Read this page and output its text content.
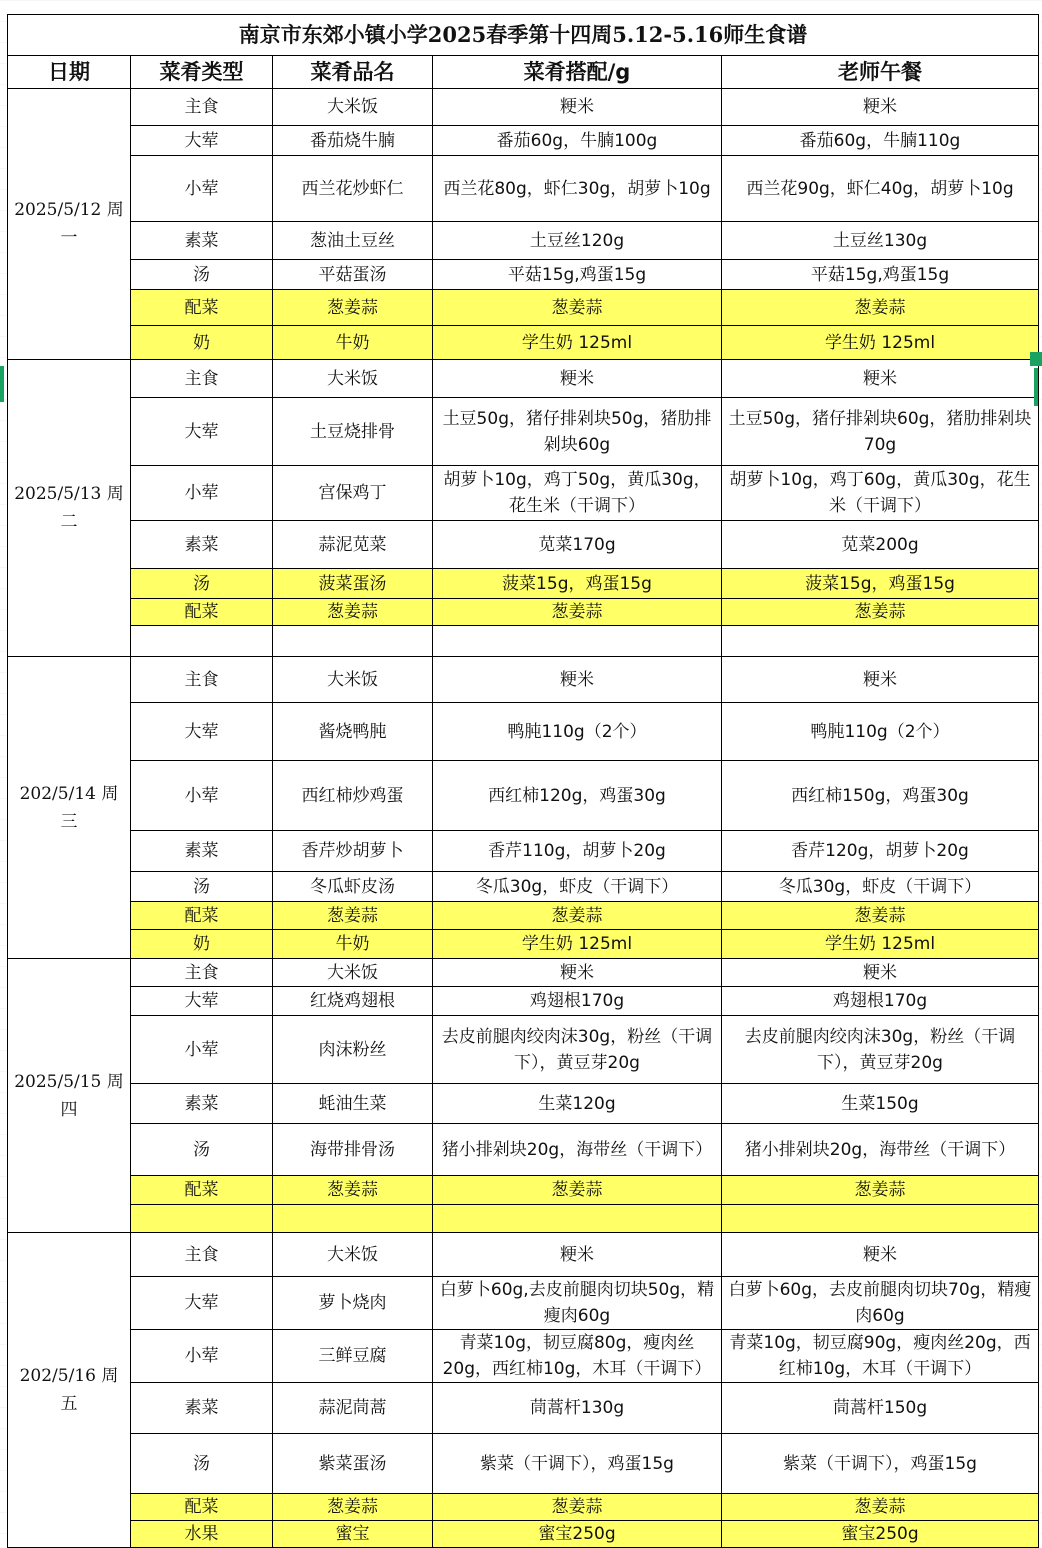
南京市东郊小镇小学2025春季第十四周5.12-5.16师生食谱				
日期	菜肴类型	菜肴品名	菜肴搭配/g	老师午餐
2025/5/12 周一	主食	大米饭	粳米	粳米
	大荤	番茄烧牛腩	番茄60g，牛腩100g	番茄60g，牛腩110g
	小荤	西兰花炒虾仁	西兰花80g，虾仁30g，胡萝卜10g	西兰花90g，虾仁40g，胡萝卜10g
	素菜	葱油土豆丝	土豆丝120g	土豆丝130g
	汤	平菇蛋汤	平菇15g,鸡蛋15g	平菇15g,鸡蛋15g
	配菜	葱姜蒜	葱姜蒜	葱姜蒜
	奶	牛奶	学生奶 125ml	学生奶 125ml
2025/5/13 周二	主食	大米饭	粳米	粳米
	大荤	土豆烧排骨	土豆50g，猪仔排剁块50g，猪肋排剁块60g	土豆50g，猪仔排剁块60g，猪肋排剁块70g
	小荤	宫保鸡丁	胡萝卜10g，鸡丁50g，黄瓜30g，花生米（干调下）	胡萝卜10g，鸡丁60g，黄瓜30g，花生米（干调下）
	素菜	蒜泥苋菜	苋菜170g	苋菜200g
	汤	菠菜蛋汤	菠菜15g，鸡蛋15g	菠菜15g，鸡蛋15g
	配菜	葱姜蒜	葱姜蒜	葱姜蒜

202/5/14 周三	主食	大米饭	粳米	粳米
	大荤	酱烧鸭肫	鸭肫110g（2个）	鸭肫110g（2个）
	小荤	西红柿炒鸡蛋	西红柿120g，鸡蛋30g	西红柿150g，鸡蛋30g
	素菜	香芹炒胡萝卜	香芹110g，胡萝卜20g	香芹120g，胡萝卜20g
	汤	冬瓜虾皮汤	冬瓜30g，虾皮（干调下）	冬瓜30g，虾皮（干调下）
	配菜	葱姜蒜	葱姜蒜	葱姜蒜
	奶	牛奶	学生奶 125ml	学生奶 125ml
2025/5/15 周四	主食	大米饭	粳米	粳米
	大荤	红烧鸡翅根	鸡翅根170g	鸡翅根170g
	小荤	肉沫粉丝	去皮前腿肉绞肉沫30g，粉丝（干调下），黄豆芽20g	去皮前腿肉绞肉沫30g，粉丝（干调下），黄豆芽20g
	素菜	蚝油生菜	生菜120g	生菜150g
	汤	海带排骨汤	猪小排剁块20g，海带丝（干调下）	猪小排剁块20g，海带丝（干调下）
	配菜	葱姜蒜	葱姜蒜	葱姜蒜

202/5/16 周五	主食	大米饭	粳米	粳米
	大荤	萝卜烧肉	白萝卜60g,去皮前腿肉切块50g，精瘦肉60g	白萝卜60g，去皮前腿肉切块70g，精瘦肉60g
	小荤	三鲜豆腐	青菜10g，韧豆腐80g，瘦肉丝20g，西红柿10g，木耳（干调下）	青菜10g，韧豆腐90g，瘦肉丝20g，西红柿10g，木耳（干调下）
	素菜	蒜泥茼蒿	茼蒿杆130g	茼蒿杆150g
	汤	紫菜蛋汤	紫菜（干调下），鸡蛋15g	紫菜（干调下），鸡蛋15g
	配菜	葱姜蒜	葱姜蒜	葱姜蒜
	水果	蜜宝	蜜宝250g	蜜宝250g
